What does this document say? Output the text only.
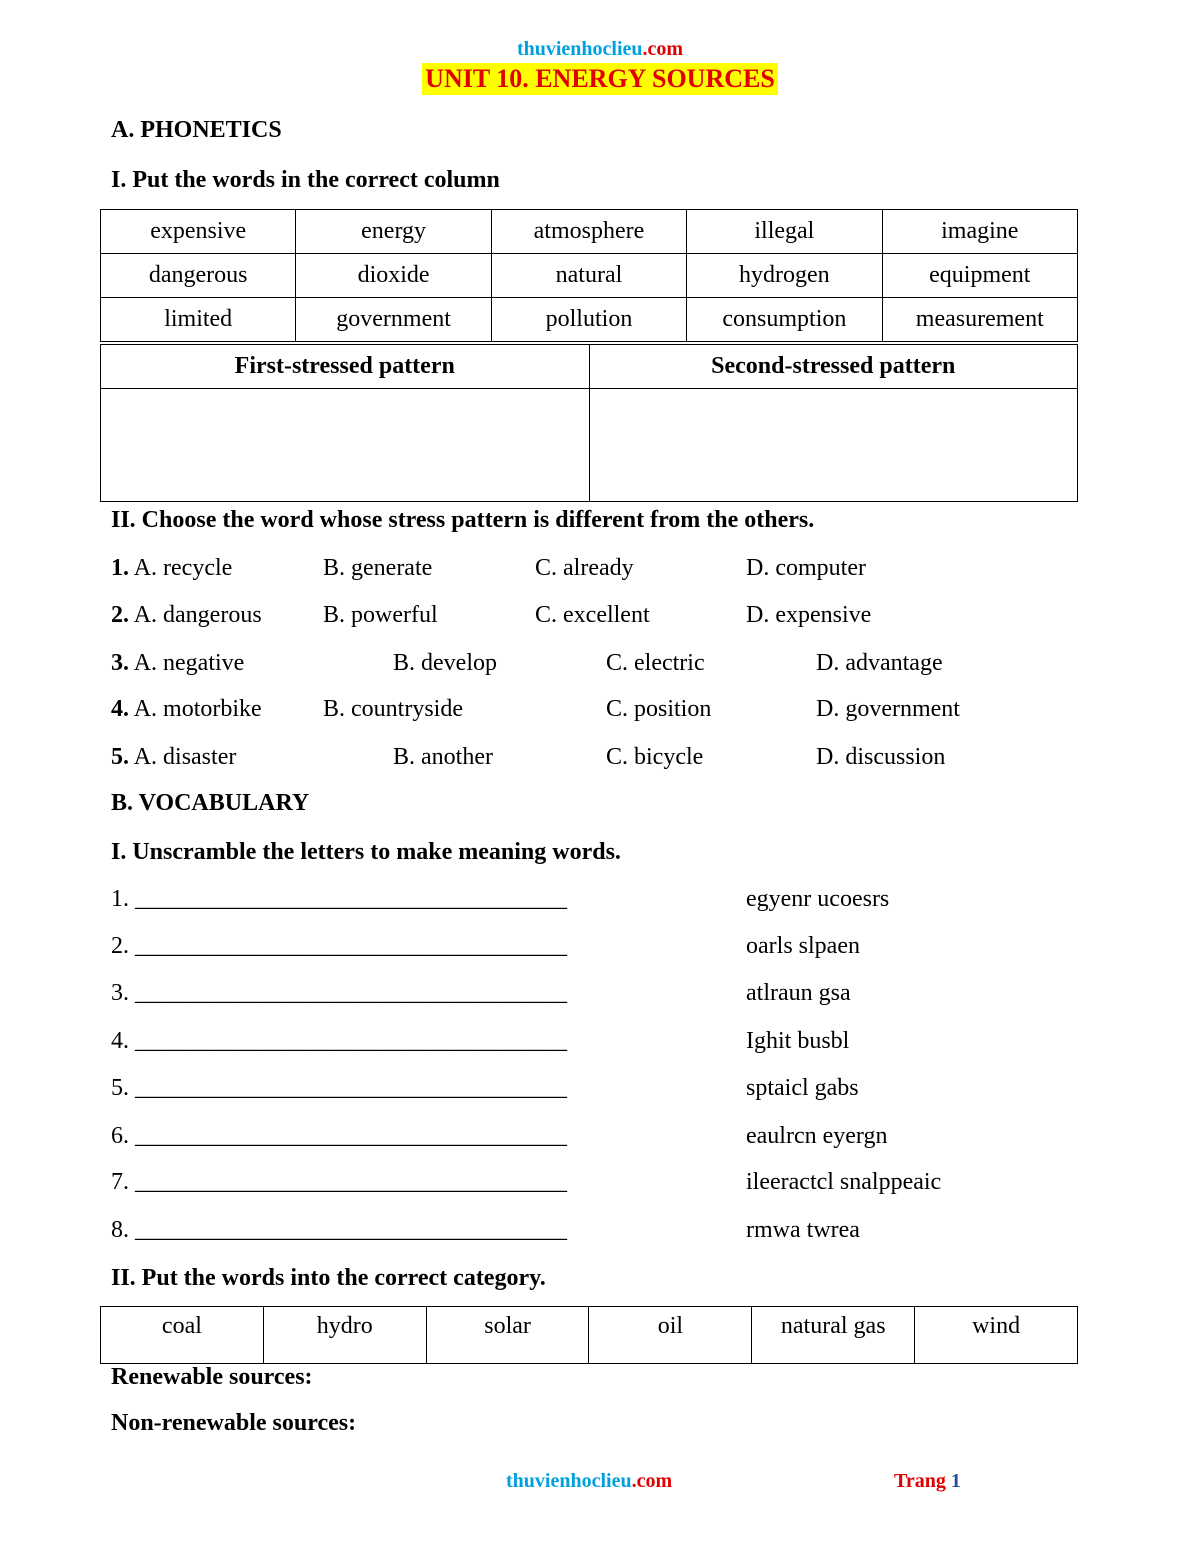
thuvienhoclieu.com
UNIT 10. ENERGY SOURCES
A. PHONETICS
I. Put the words in the correct column
expensive	energy	atmosphere	illegal	imagine
dangerous	dioxide	natural	hydrogen	equipment
limited	government	pollution	consumption	measurement
First-stressed pattern	Second-stressed pattern

II. Choose the word whose stress pattern is different from the others.
1. A. recycle	B. generate	C. already	D. computer
2. A. dangerous	B. powerful	C. excellent	D. expensive
3. A. negative	B. develop	C. electric	D. advantage
4. A. motorbike	B. countryside	C. position	D. government
5. A. disaster	B. another	C. bicycle	D. discussion
B. VOCABULARY
I. Unscramble the letters to make meaning words.
1. ____________________________________	egyenr ucoesrs
2. ____________________________________	oarls slpaen
3. ____________________________________	atlraun gsa
4. ____________________________________	Ighit busbl
5. ____________________________________	sptaicl gabs
6. ____________________________________	eaulrcn eyergn
7. ____________________________________	ileeractcl snalppeaic
8. ____________________________________	rmwa twrea
II. Put the words into the correct category.
coal	hydro	solar	oil	natural gas	wind
Renewable sources:
Non-renewable sources:
thuvienhoclieu.com	Trang 1
